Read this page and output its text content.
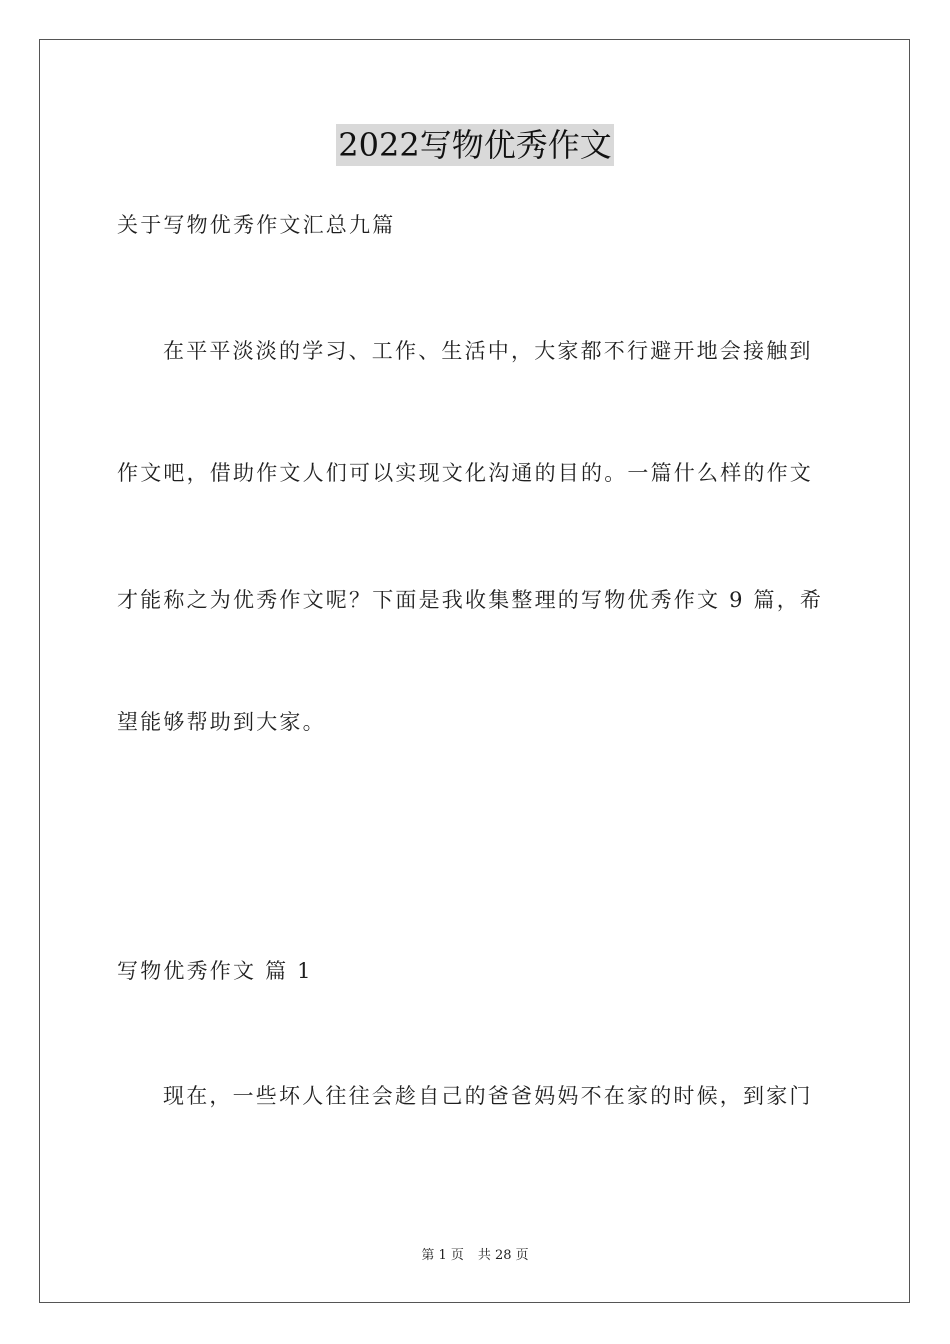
2022写物优秀作文
关于写物优秀作文汇总九篇
在平平淡淡的学习、工作、生活中，大家都不行避开地会接触到
作文吧，借助作文人们可以实现文化沟通的目的。一篇什么样的作文
才能称之为优秀作文呢？下面是我收集整理的写物优秀作文 9 篇，希
望能够帮助到大家。
写物优秀作文 篇 1
现在，一些坏人往往会趁自己的爸爸妈妈不在家的时候，到家门
第 1 页 共 28 页
